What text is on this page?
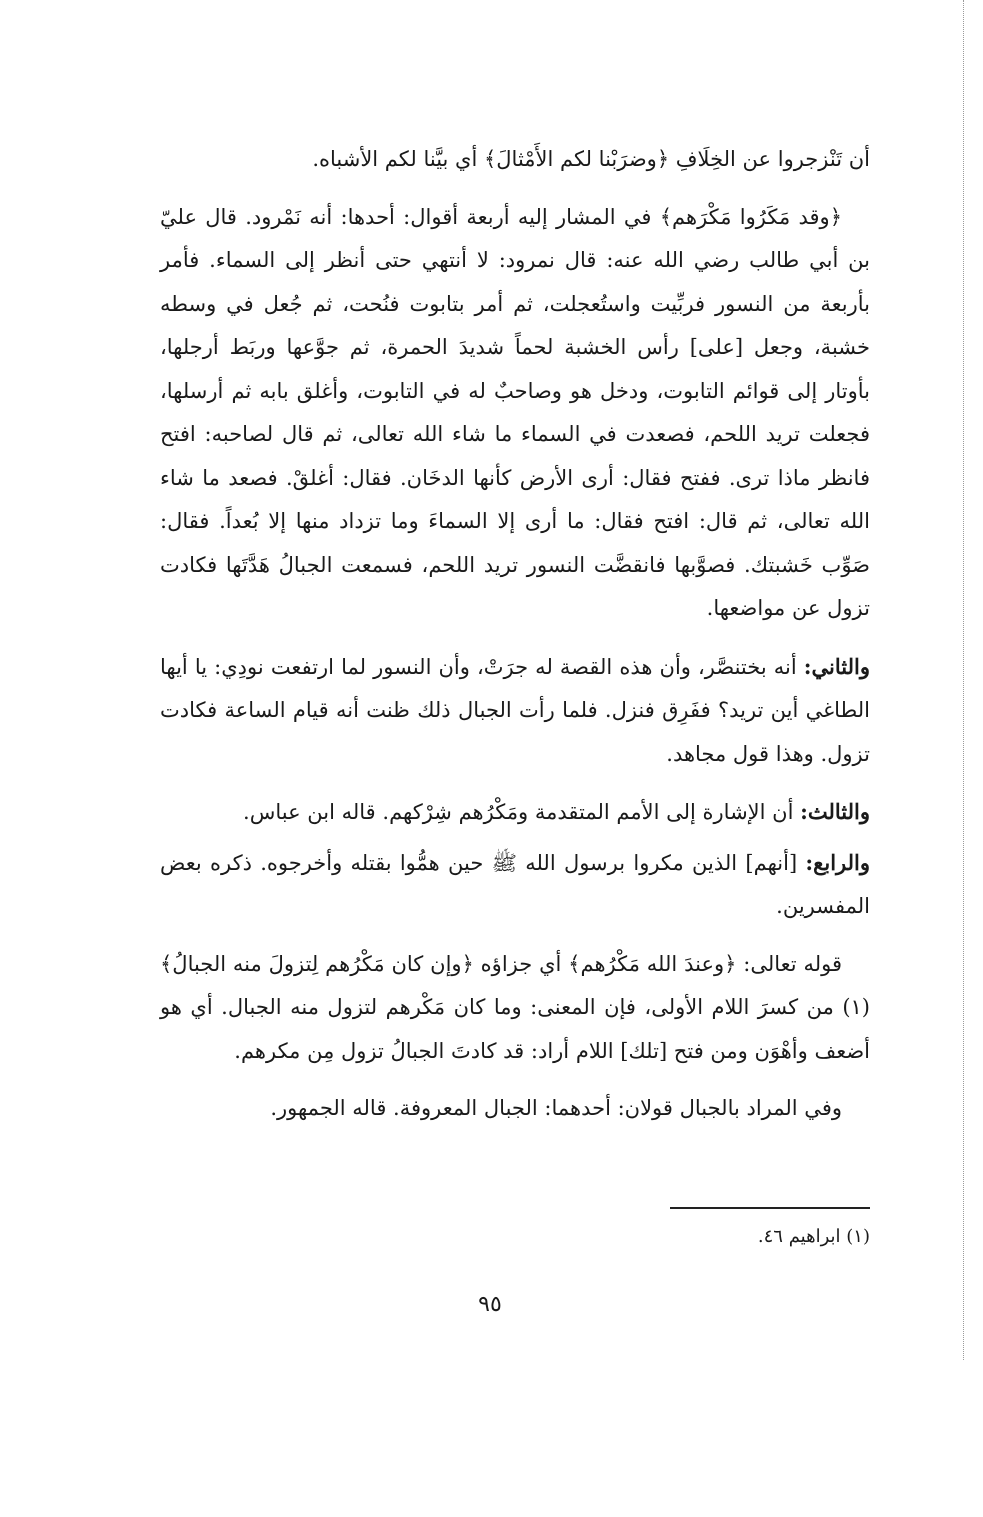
أن تَنْزجروا عن الخِلَافِ ﴿وضرَبْنا لكم الأَمْثالَ﴾ أي بيَّنا لكم الأشباه.

﴿وقد مَكَرُوا مَكْرَهم﴾ في المشار إليه أربعة أقوال: أحدها: أنه نَمْرود. قال عليّ بن أبي طالب رضي الله عنه: قال نمرود: لا أنتهي حتى أنظر إلى السماء. فأمر بأربعة من النسور فربِّيت واستُعجلت، ثم أمر بتابوت فنُحت، ثم جُعل في وسطه خشبة، وجعل [على] رأس الخشبة لحماً شديدَ الحمرة، ثم جوَّعها وربَط أرجلها، بأوتار إلى قوائم التابوت، ودخل هو وصاحبٌ له في التابوت، وأغلق بابه ثم أرسلها، فجعلت تريد اللحم، فصعدت في السماء ما شاء الله تعالى، ثم قال لصاحبه: افتح فانظر ماذا ترى. ففتح فقال: أرى الأرض كأنها الدخَان. فقال: أغلقْ. فصعد ما شاء الله تعالى، ثم قال: افتح فقال: ما أرى إلا السماءَ وما تزداد منها إلا بُعداً. فقال: صَوِّب خَشبتك. فصوَّبها فانقضَّت النسور تريد اللحم، فسمعت الجبالُ هَدَّتَها فكادت تزول عن مواضعها.

والثاني: أنه بختنصَّر، وأن هذه القصة له جرَتْ، وأن النسور لما ارتفعت نودِي: يا أيها الطاغي أين تريد؟ ففَرِق فنزل. فلما رأت الجبال ذلك ظنت أنه قيام الساعة فكادت تزول. وهذا قول مجاهد.

والثالث: أن الإشارة إلى الأمم المتقدمة ومَكْرُهم شِرْكهم. قاله ابن عباس.

والرابع: [أنهم] الذين مكروا برسول الله ﷺ حين همُّوا بقتله وأخرجوه. ذكره بعض المفسرين.

قوله تعالى: ﴿وعندَ الله مَكْرُهم﴾ أي جزاؤه ﴿وإن كان مَكْرُهم لِتزولَ منه الجبالُ﴾ (١) من كسرَ اللام الأولى، فإن المعنى: وما كان مَكْرهم لتزول منه الجبال. أي هو أضعف وأهْوَن ومن فتح [تلك] اللام أراد: قد كادتَ الجبالُ تزول مِن مكرهم.

وفي المراد بالجبال قولان: أحدهما: الجبال المعروفة. قاله الجمهور.

(١) ابراهيم ٤٦.
٩٥
